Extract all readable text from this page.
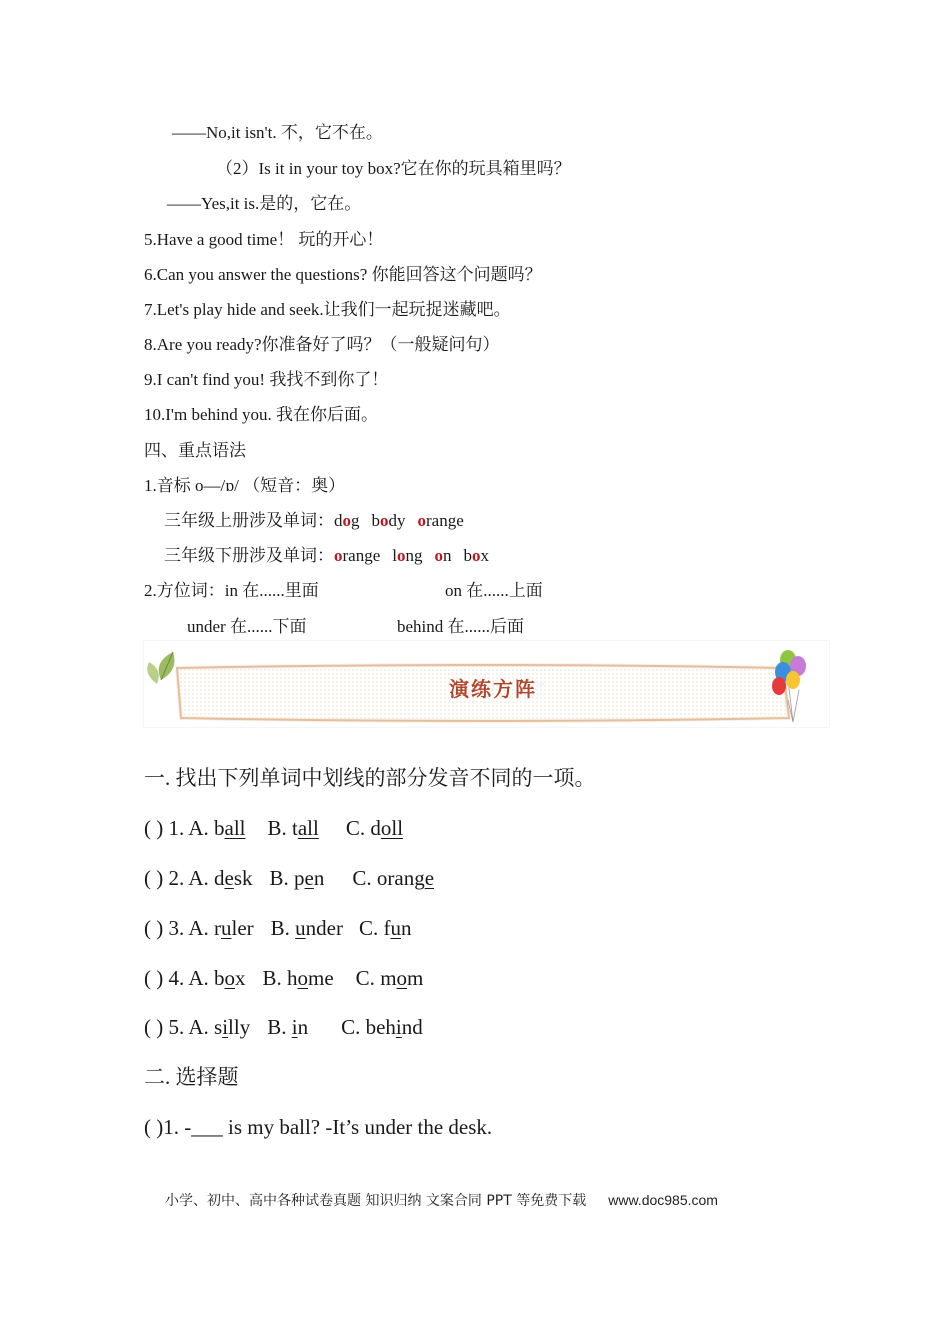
——No,it isn't. 不，它不在。
（2）Is it in your toy box?它在你的玩具箱里吗？
——Yes,it is.是的，它在。
5.Have a good time！ 玩的开心！
6.Can you answer the questions? 你能回答这个问题吗？
7.Let's play hide and seek.让我们一起玩捉迷藏吧。
8.Are you ready?你准备好了吗？（一般疑问句）
9.I can't find you! 我找不到你了！
10.I'm behind you. 我在你后面。
四、重点语法
1.音标 o—/ɒ/ （短音：奥）
三年级上册涉及单词：dog body orange
三年级下册涉及单词：orange long on box
2.方位词：in 在......里面	on 在......上面
under 在......下面	behind 在......后面
演练方阵
一. 找出下列单词中划线的部分发音不同的一项。
( ) 1. A. ball B. tall C. doll
( ) 2. A. desk B. pen C. orange
( ) 3. A. ruler B. under C. fun
( ) 4. A. box B. home C. mom
( ) 5. A. silly B. in C. behind
二. 选择题
( )1. -___ is my ball? -It’s under the desk.
小学、初中、高中各种试卷真题 知识归纳 文案合同 PPT 等免费下载 www.doc985.com
